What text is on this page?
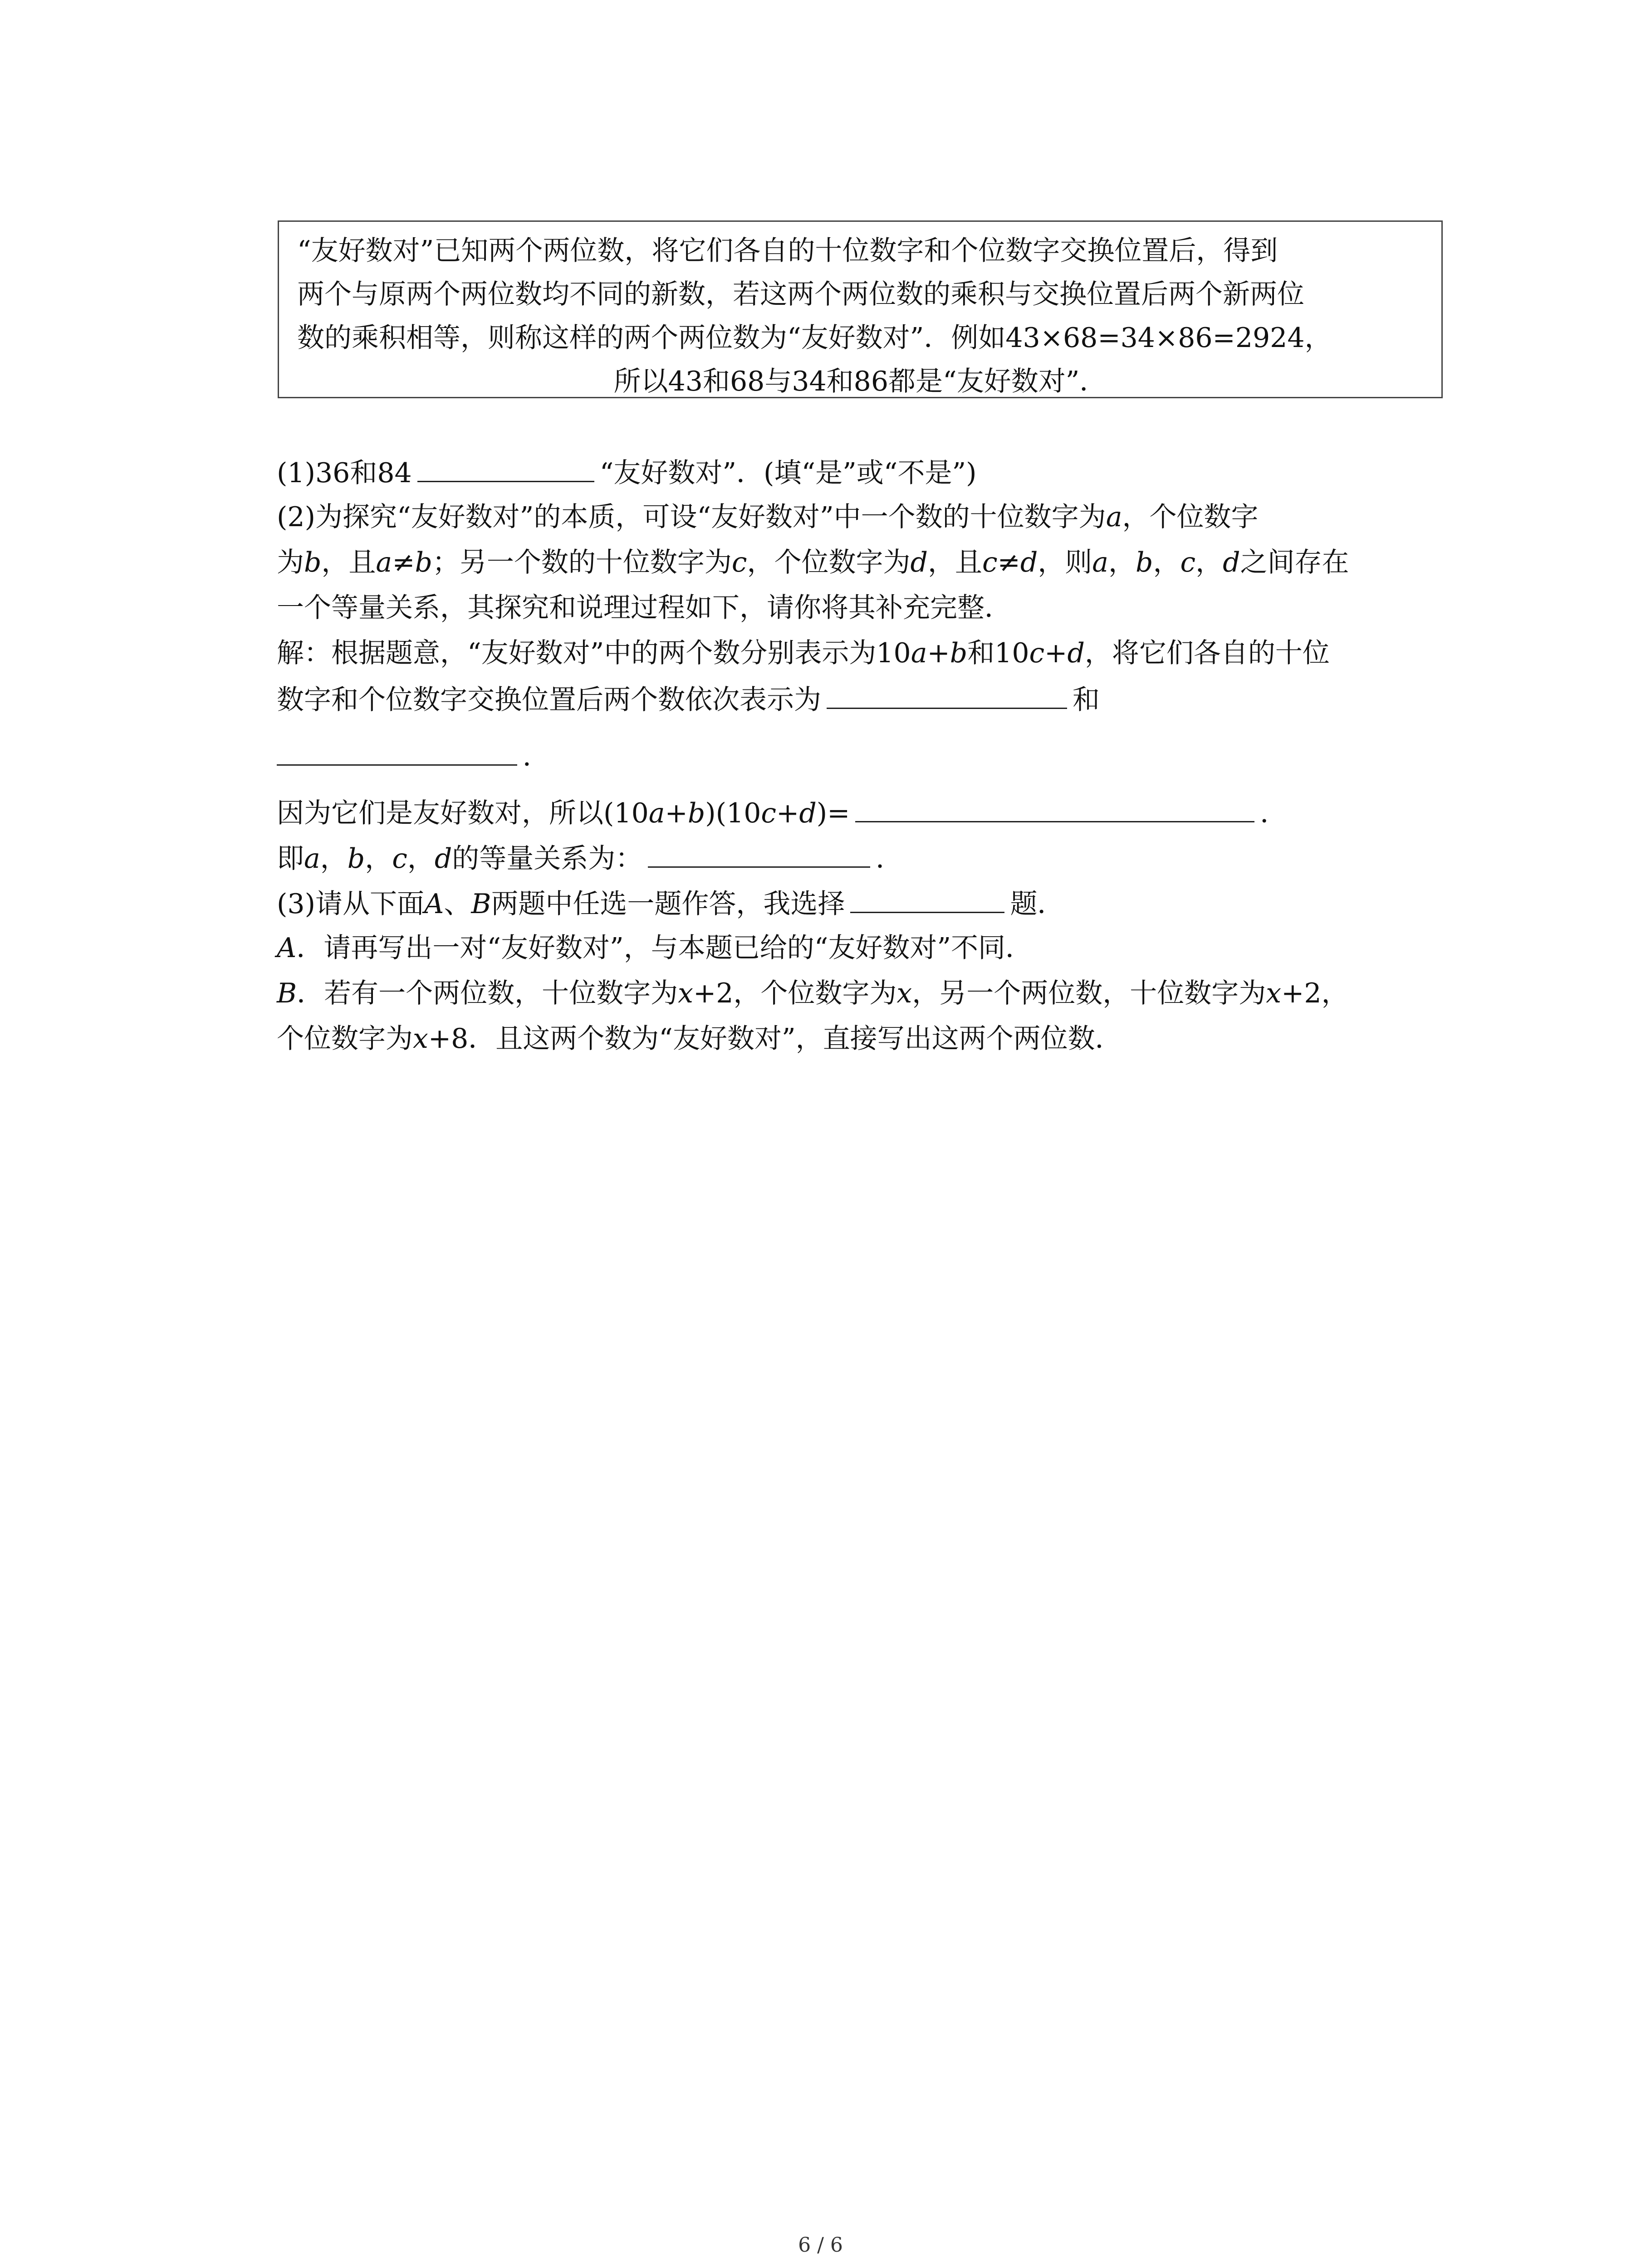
“友好数对”已知两个两位数，将它们各自的十位数字和个位数字交换位置后，得到
两个与原两个两位数均不同的新数，若这两个两位数的乘积与交换位置后两个新两位
数的乘积相等，则称这样的两个两位数为“友好数对”．例如43×68=34×86=2924，
所以43和68与34和86都是“友好数对”．
(1)36和84	“友好数对”．(填“是”或“不是”)
(2)为探究“友好数对”的本质，可设“友好数对”中一个数的十位数字为a，个位数字
为b，且a≠b；另一个数的十位数字为c，个位数字为d，且c≠d，则a，b，c，d之间存在
一个等量关系，其探究和说理过程如下，请你将其补充完整．
解：根据题意，“友好数对”中的两个数分别表示为10a+b和10c+d，将它们各自的十位
数字和个位数字交换位置后两个数依次表示为	和
．
因为它们是友好数对，所以(10a+b)(10c+d)=	．
即a，b，c，d的等量关系为：	．
(3)请从下面A、B两题中任选一题作答，我选择	题．
A．请再写出一对“友好数对”，与本题已给的“友好数对”不同．
B．若有一个两位数，十位数字为x+2，个位数字为x，另一个两位数，十位数字为x+2，
个位数字为x+8．且这两个数为“友好数对”，直接写出这两个两位数．
6 / 6
